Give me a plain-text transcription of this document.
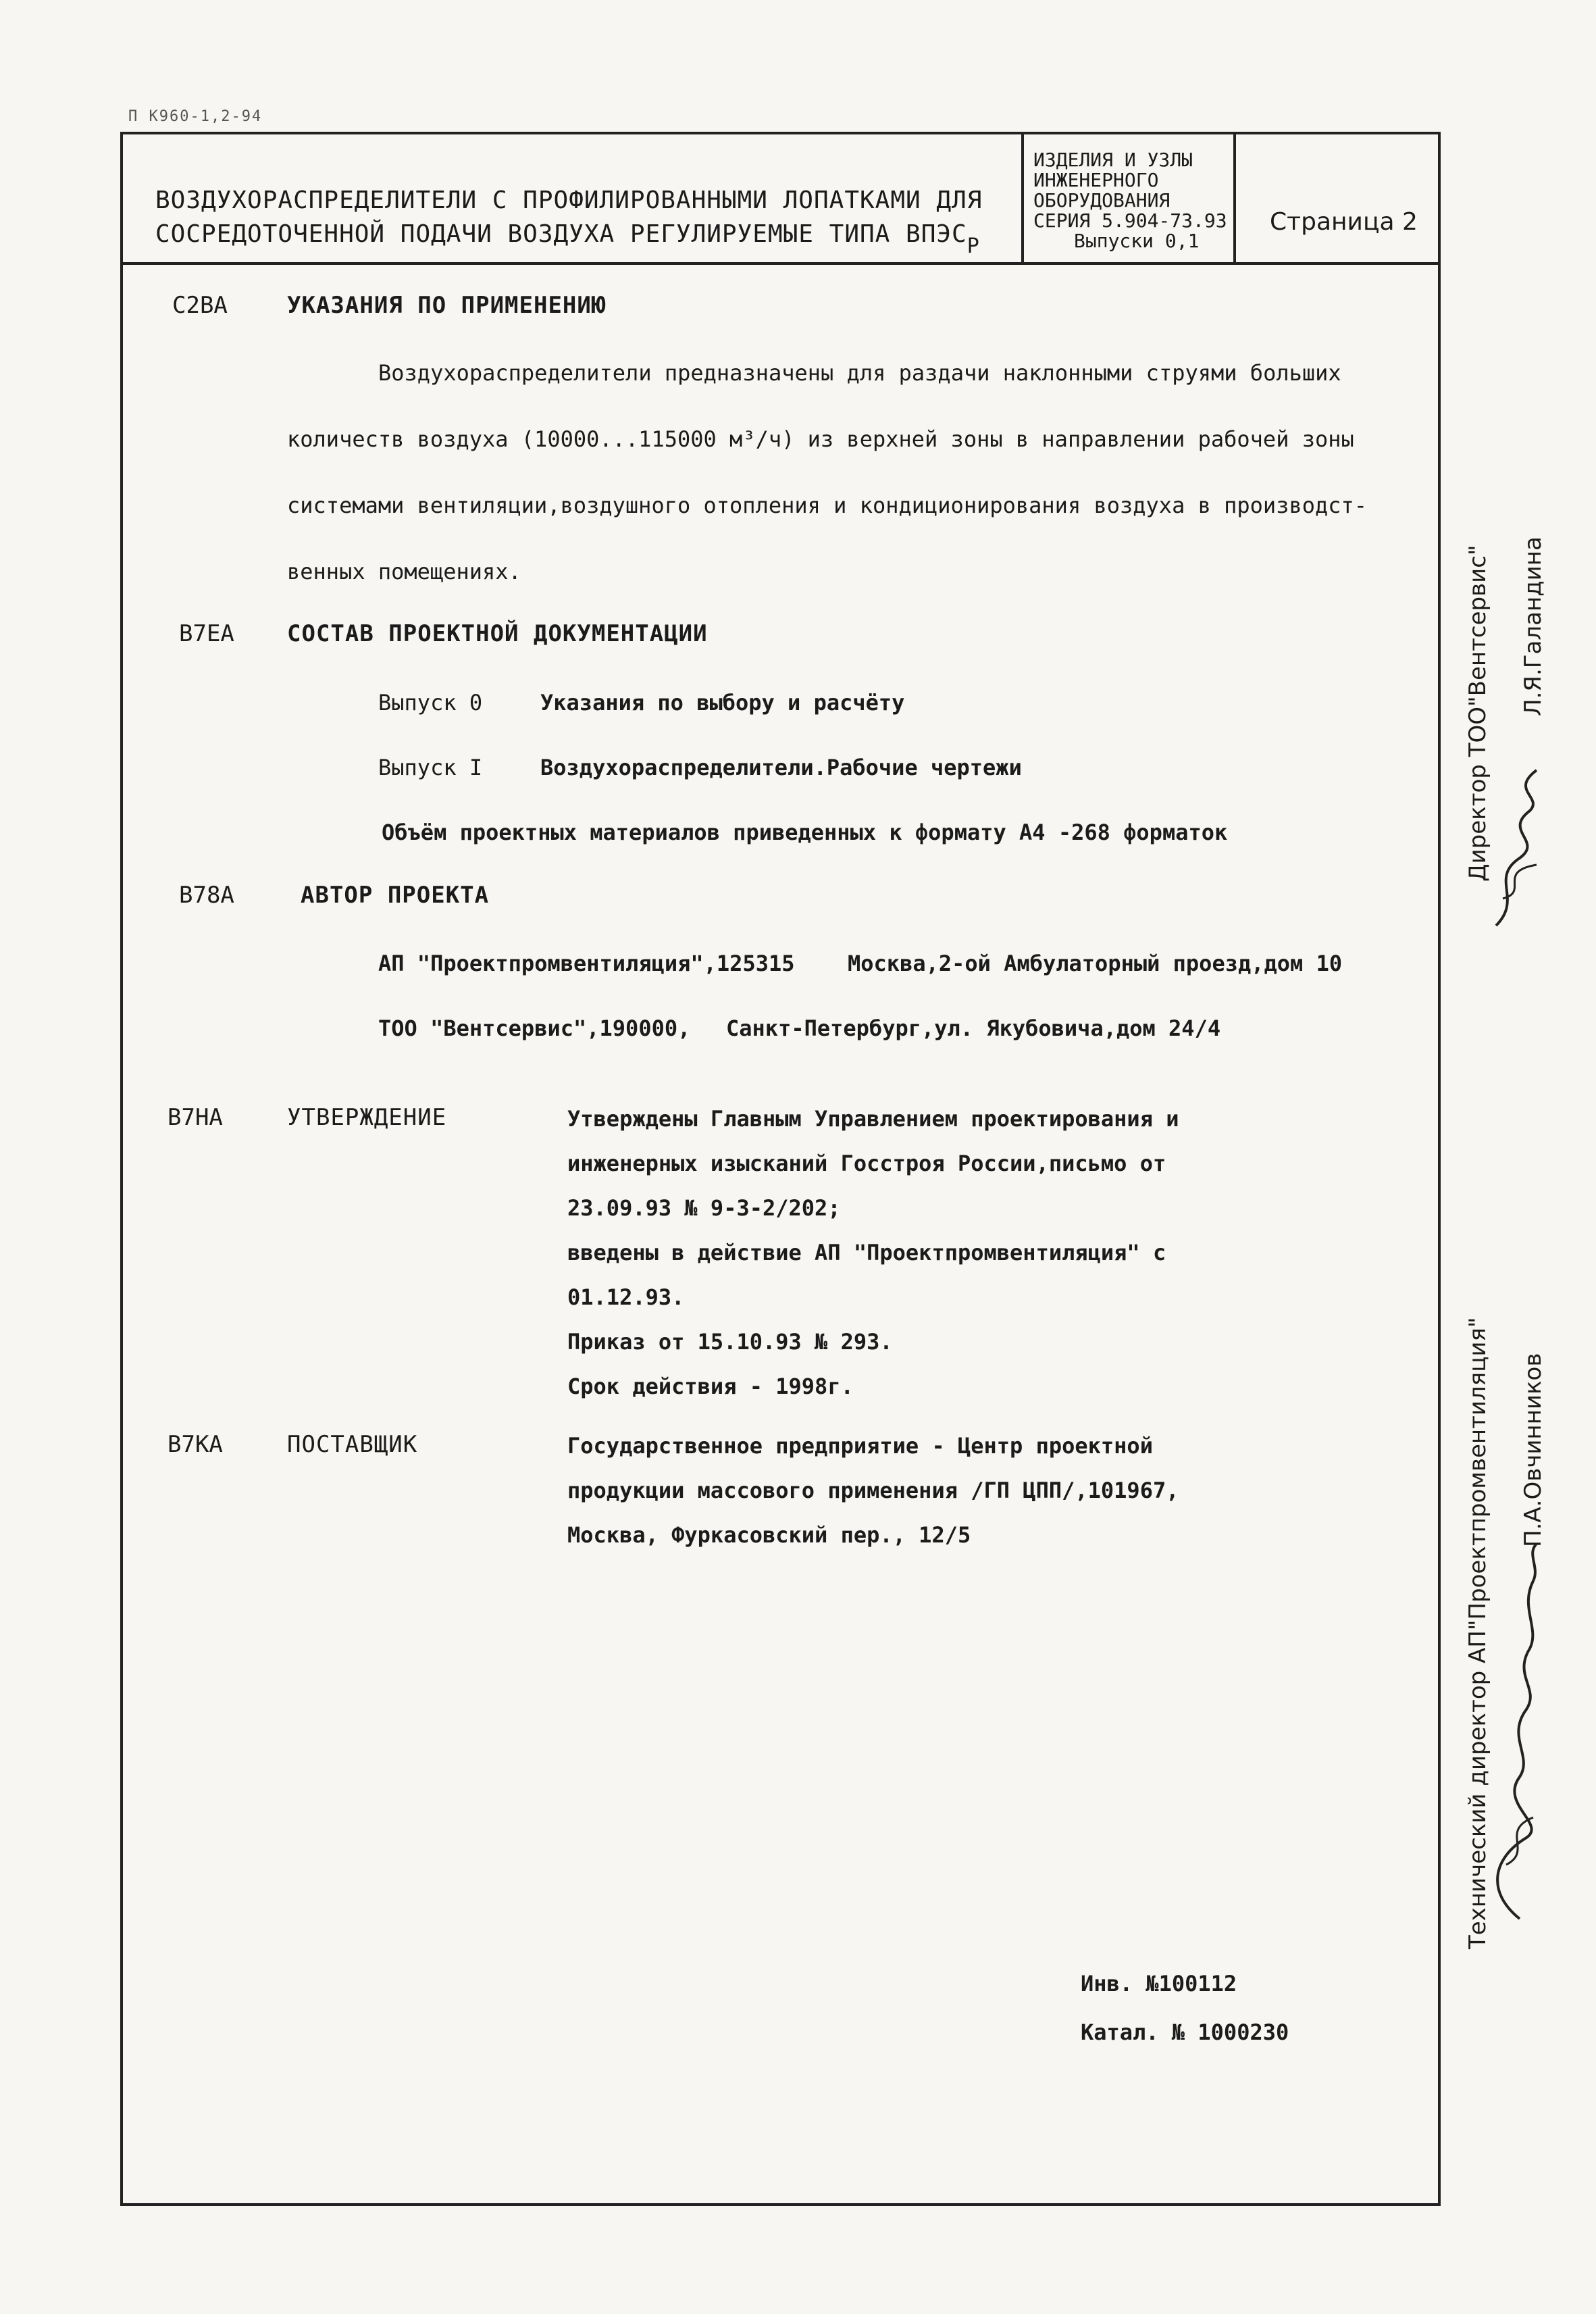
П К960-1,2-94
ВОЗДУХОРАСПРЕДЕЛИТЕЛИ С ПРОФИЛИРОВАННЫМИ ЛОПАТКАМИ ДЛЯ
СОСРЕДОТОЧЕННОЙ ПОДАЧИ ВОЗДУХА РЕГУЛИРУЕМЫЕ ТИПА $ВПЭС_Р$
ИЗДЕЛИЯ И УЗЛЫ
ИНЖЕНЕРНОГО
ОБОРУДОВАНИЯ
СЕРИЯ 5.904-73.93
Выпуски 0,1
Страница 2
С2ВА	УКАЗАНИЯ ПО ПРИМЕНЕНИЮ
Воздухораспределители предназначены для раздачи наклонными струями больших
количеств воздуха (10000...115000 м³/ч) из верхней зоны в направлении рабочей зоны
системами вентиляции,воздушного отопления и кондиционирования воздуха в производст-
венных помещениях.
В7ЕА СОСТАВ ПРОЕКТНОЙ ДОКУМЕНТАЦИИ
Выпуск 0	Указания по выбору и расчёту
Выпуск I	Воздухораспределители.Рабочие чертежи
Объём проектных материалов приведенных к формату А4 -268 форматок
В78А	АВТОР ПРОЕКТА
АП "Проектпромвентиляция",125315 Москва,2-ой Амбулаторный проезд,дом 10
ТОО "Вентсервис",190000, Санкт-Петербург,ул. Якубовича,дом 24/4
В7НА	УТВЕРЖДЕНИЕ	Утверждены Главным Управлением проектирования и
инженерных изысканий Госстроя России,письмо от
23.09.93 № 9-3-2/202;
введены в действие АП "Проектпромвентиляция" с
01.12.93.
Приказ от 15.10.93 № 293.
Срок действия - 1998г.
В7КА	ПОСТАВЩИК	Государственное предприятие - Центр проектной
продукции массового применения /ГП ЦПП/,101967,
Москва, Фуркасовский пер., 12/5
Инв. №100112
Катал. № 1000230
Директор ТОО"Вентсервис" Л.Я.Галандина
Технический директор АП"Проектпромвентиляция" П.А.Овчинников
